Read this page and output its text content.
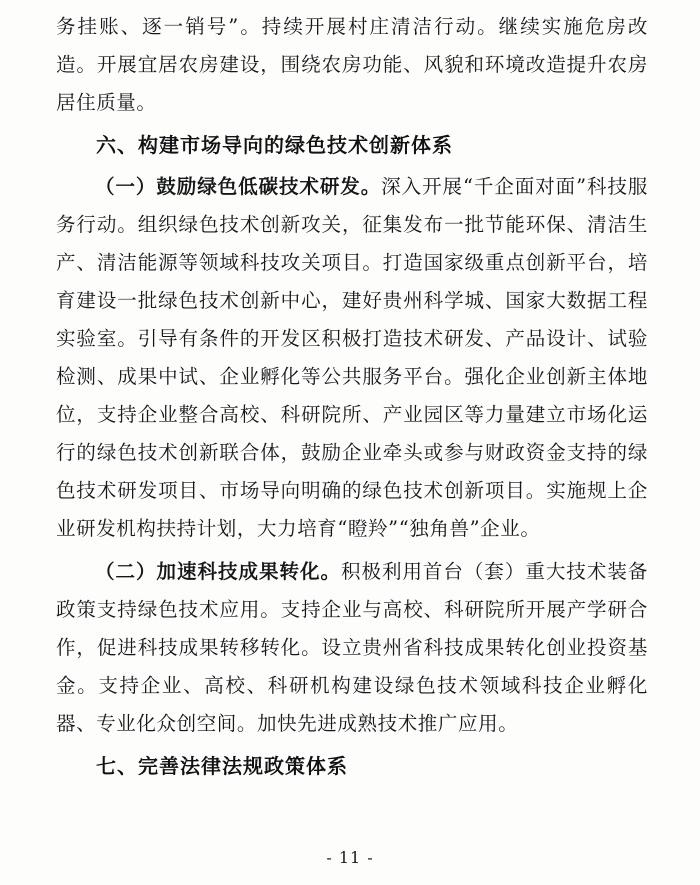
务挂账、逐一销号”。持续开展村庄清洁行动。继续实施危房改造。开展宜居农房建设，围绕农房功能、风貌和环境改造提升农房居住质量。

六、构建市场导向的绿色技术创新体系

（一）鼓励绿色低碳技术研发。深入开展“千企面对面”科技服务行动。组织绿色技术创新攻关，征集发布一批节能环保、清洁生产、清洁能源等领域科技攻关项目。打造国家级重点创新平台，培育建设一批绿色技术创新中心，建好贵州科学城、国家大数据工程实验室。引导有条件的开发区积极打造技术研发、产品设计、试验检测、成果中试、企业孵化等公共服务平台。强化企业创新主体地位，支持企业整合高校、科研院所、产业园区等力量建立市场化运行的绿色技术创新联合体，鼓励企业牵头或参与财政资金支持的绿色技术研发项目、市场导向明确的绿色技术创新项目。实施规上企业研发机构扶持计划，大力培育“瞪羚”“独角兽”企业。

（二）加速科技成果转化。积极利用首台（套）重大技术装备政策支持绿色技术应用。支持企业与高校、科研院所开展产学研合作，促进科技成果转移转化。设立贵州省科技成果转化创业投资基金。支持企业、高校、科研机构建设绿色技术领域科技企业孵化器、专业化众创空间。加快先进成熟技术推广应用。

七、完善法律法规政策体系
- 11 -
